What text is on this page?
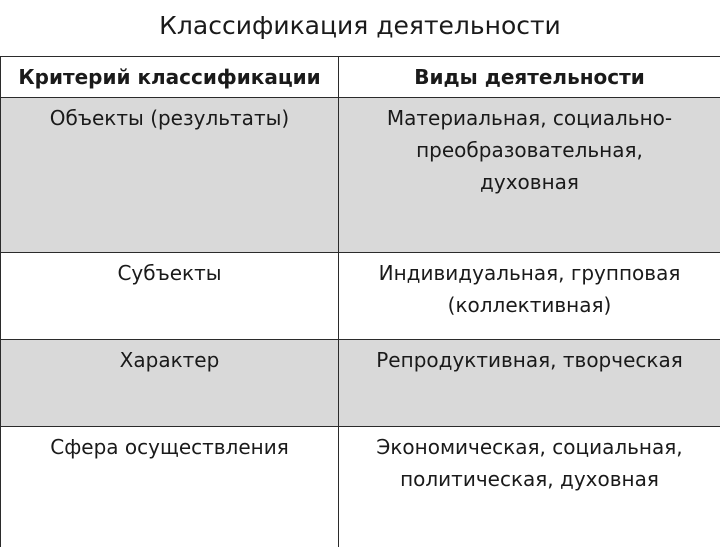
Классификация деятельности
Критерий классификации	Виды деятельности
Объекты (результаты)	Материальная, социально-преобразовательная, духовная
Субъекты	Индивидуальная, групповая (коллективная)
Характер	Репродуктивная, творческая
Сфера осуществления	Экономическая, социальная, политическая, духовная
